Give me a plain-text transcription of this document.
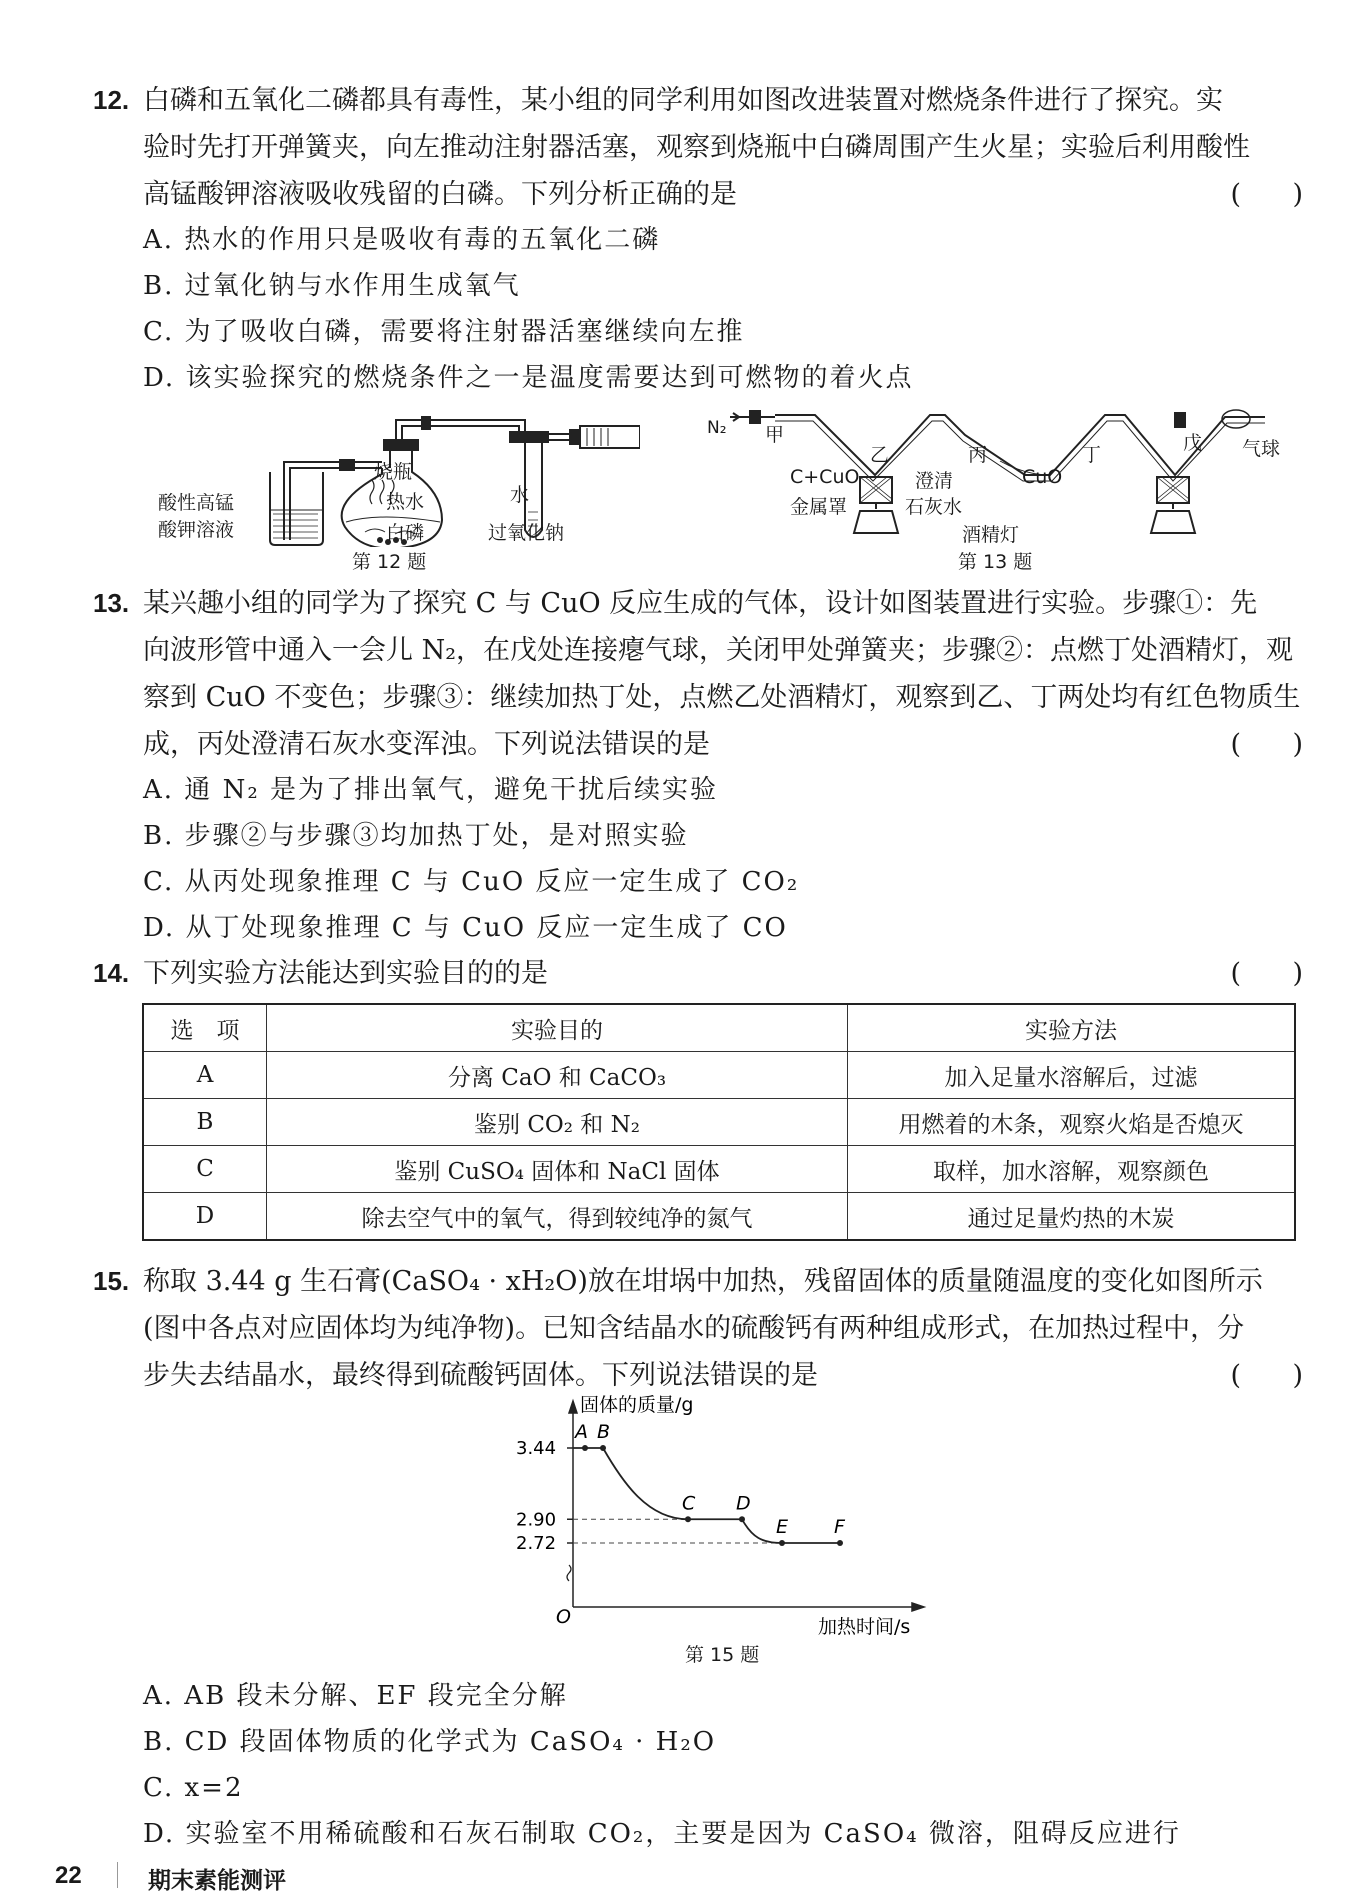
12. 白磷和五氧化二磷都具有毒性，某小组的同学利用如图改进装置对燃烧条件进行了探究。实
验时先打开弹簧夹，向左推动注射器活塞，观察到烧瓶中白磷周围产生火星；实验后利用酸性
高锰酸钾溶液吸收残留的白磷。下列分析正确的是	(      )
A. 热水的作用只是吸收有毒的五氧化二磷
B. 过氧化钠与水作用生成氧气
C. 为了吸收白磷，需要将注射器活塞继续向左推
D. 该实验探究的燃烧条件之一是温度需要达到可燃物的着火点
酸性高锰
酸钾溶液
烧瓶
热水
白磷
水
过氧化钠
第 12 题
N₂ 甲
乙	丙	丁
戊 气球
C+CuO
金属罩
澄清
石灰水
CuO
酒精灯
第 13 题
13. 某兴趣小组的同学为了探究 C 与 CuO 反应生成的气体，设计如图装置进行实验。步骤①：先
向波形管中通入一会儿 N₂，在戊处连接瘪气球，关闭甲处弹簧夹；步骤②：点燃丁处酒精灯，观
察到 CuO 不变色；步骤③：继续加热丁处，点燃乙处酒精灯，观察到乙、丁两处均有红色物质生
成，丙处澄清石灰水变浑浊。下列说法错误的是	(      )
A. 通 N₂ 是为了排出氧气，避免干扰后续实验
B. 步骤②与步骤③均加热丁处，是对照实验
C. 从丙处现象推理 C 与 CuO 反应一定生成了 CO₂
D. 从丁处现象推理 C 与 CuO 反应一定生成了 CO
14. 下列实验方法能达到实验目的的是	(      )
选　项	实验目的	实验方法
A	分离 CaO 和 CaCO₃	加入足量水溶解后，过滤
B	鉴别 CO₂ 和 N₂	用燃着的木条，观察火焰是否熄灭
C	鉴别 CuSO₄ 固体和 NaCl 固体	取样，加水溶解，观察颜色
D	除去空气中的氧气，得到较纯净的氮气	通过足量灼热的木炭
15. 称取 3.44 g 生石膏(CaSO₄ · xH₂O)放在坩埚中加热，残留固体的质量随温度的变化如图所示
(图中各点对应固体均为纯净物)。已知含结晶水的硫酸钙有两种组成形式，在加热过程中，分
步失去结晶水，最终得到硫酸钙固体。下列说法错误的是	(      )
3.44
2.90
2.72
A B
C D
E F
固体的质量/g
加热时间/s
O
第 15 题
A. AB 段未分解、EF 段完全分解
B. CD 段固体物质的化学式为 CaSO₄ · H₂O
C. x=2
D. 实验室不用稀硫酸和石灰石制取 CO₂，主要是因为 CaSO₄ 微溶，阻碍反应进行
22	期末素能测评
